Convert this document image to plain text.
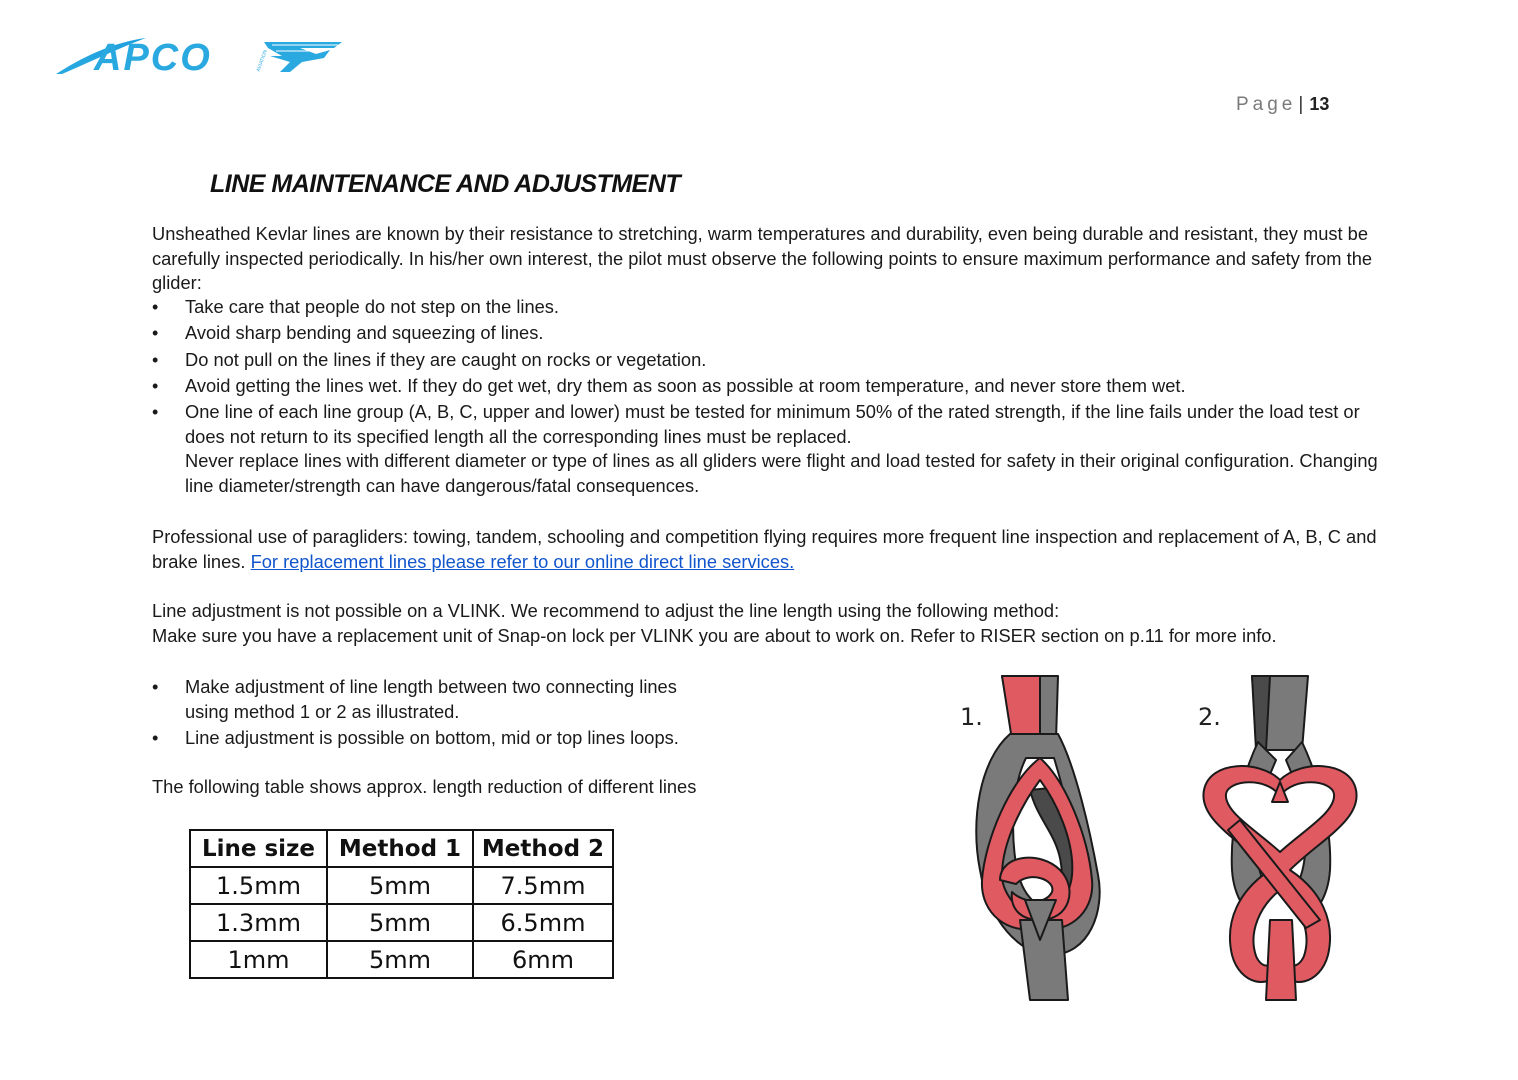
APCO	AVIATION
Page | 13
LINE MAINTENANCE AND ADJUSTMENT

Unsheathed Kevlar lines are known by their resistance to stretching, warm temperatures and durability, even being durable and resistant, they must be carefully inspected periodically. In his/her own interest, the pilot must observe the following points to ensure maximum performance and safety from the glider:

• Take care that people do not step on the lines.
• Avoid sharp bending and squeezing of lines.
• Do not pull on the lines if they are caught on rocks or vegetation.
• Avoid getting the lines wet. If they do get wet, dry them as soon as possible at room temperature, and never store them wet.
• One line of each line group (A, B, C, upper and lower) must be tested for minimum 50% of the rated strength, if the line fails under the load test or does not return to its specified length all the corresponding lines must be replaced.
Never replace lines with different diameter or type of lines as all gliders were flight and load tested for safety in their original configuration. Changing line diameter/strength can have dangerous/fatal consequences.

Professional use of paragliders: towing, tandem, schooling and competition flying requires more frequent line inspection and replacement of A, B, C and brake lines. For replacement lines please refer to our online direct line services.

Line adjustment is not possible on a VLINK. We recommend to adjust the line length using the following method:

Make sure you have a replacement unit of Snap-on lock per VLINK you are about to work on. Refer to RISER section on p.11 for more info.

• Make adjustment of line length between two connecting lines using method 1 or 2 as illustrated.
• Line adjustment is possible on bottom, mid or top lines loops.

The following table shows approx. length reduction of different lines

Line size	Method 1	Method 2
1.5mm	5mm	7.5mm
1.3mm	5mm	6.5mm
1mm	5mm	6mm
1.	2.
